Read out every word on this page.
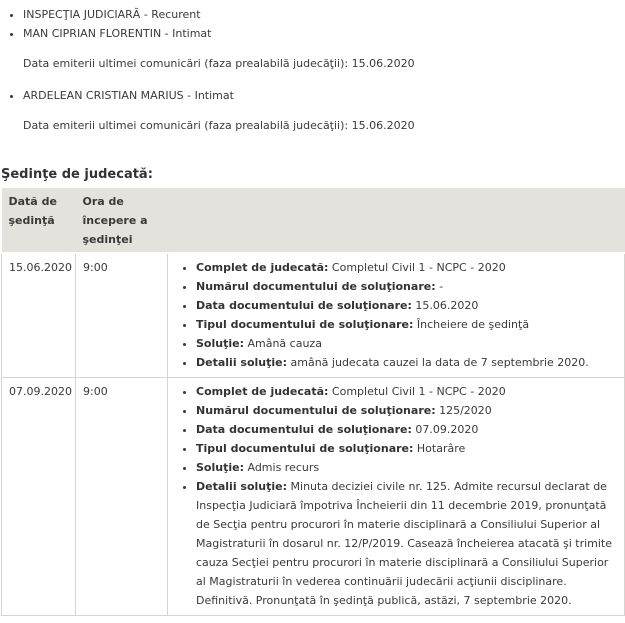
• INSPECŢIA JUDICIARĂ - Recurent
• MAN CIPRIAN FLORENTIN - Intimat
Data emiterii ultimei comunicări (faza prealabilă judecăţii): 15.06.2020
• ARDELEAN CRISTIAN MARIUS - Intimat
Data emiterii ultimei comunicări (faza prealabilă judecăţii): 15.06.2020
Şedinţe de judecată:
Dată de şedinţă	Ora de începere a şedinţei	
15.06.2020	9:00	
•Complet de judecată: Completul Civil 1 - NCPC - 2020
• Numărul documentului de soluţionare: -
• Data documentului de soluţionare: 15.06.2020
• Tipul documentului de soluţionare: Încheiere de şedinţă
• Soluţie: Amână cauza
• Detalii soluţie: amână judecata cauzei la data de 7 septembrie 2020.

07.09.2020	9:00	
•Complet de judecată: Completul Civil 1 - NCPC - 2020
• Numărul documentului de soluţionare: 125/2020
• Data documentului de soluţionare: 07.09.2020
• Tipul documentului de soluţionare: Hotarâre
• Soluţie: Admis recurs
• Detalii soluţie: Minuta deciziei civile nr. 125. Admite recursul declarat de Inspecţia Judiciară împotriva Încheierii din 11 decembrie 2019, pronunţată de Secţia pentru procurori în materie disciplinară a Consiliului Superior al Magistraturii în dosarul nr. 12/P/2019. Casează încheierea atacată şi trimite cauza Secţiei pentru procurori în materie disciplinară a Consiliului Superior al Magistraturii în vederea continuării judecării acţiunii disciplinare. Definitivă. Pronunţată în şedinţă publică, astăzi, 7 septembrie 2020.
